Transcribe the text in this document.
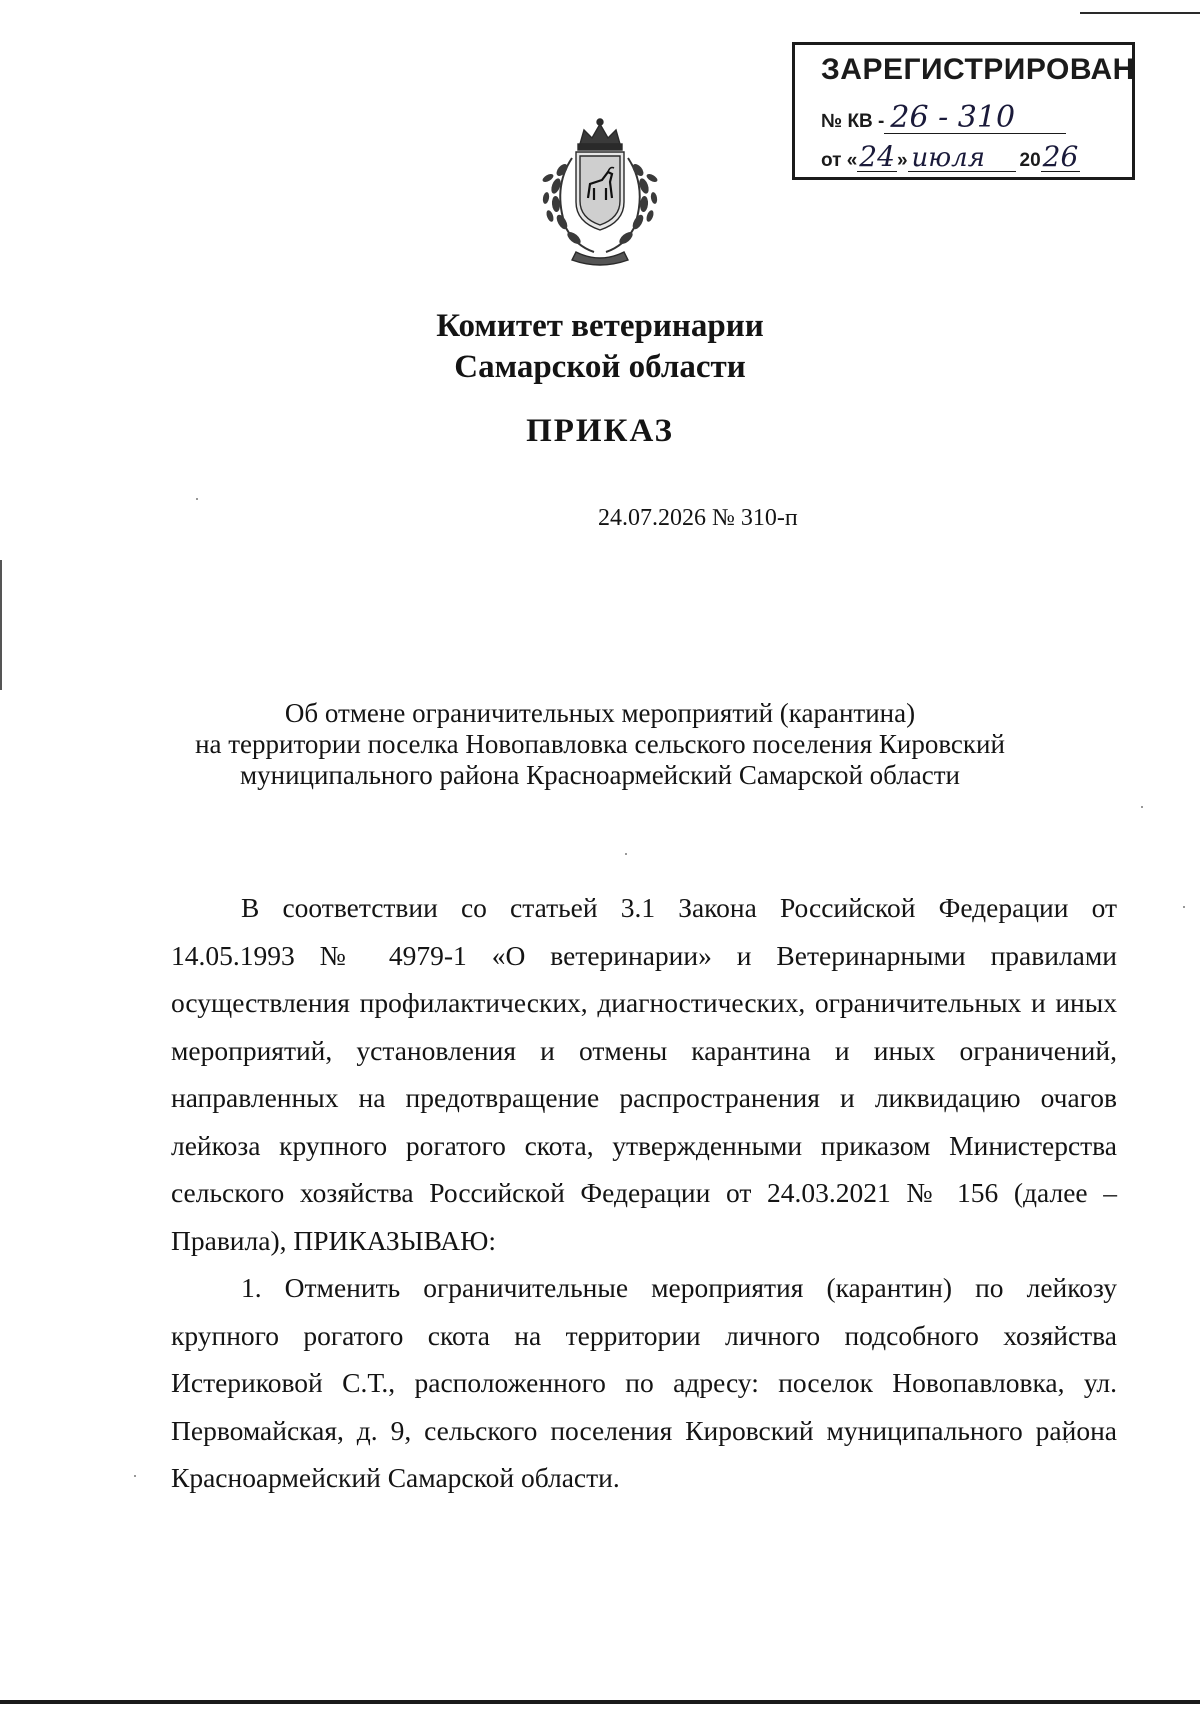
ЗАРЕГИСТРИРОВАН
№ КВ - 26 - 310
от « 24 » июля	20 26
Комитет ветеринарии
Самарской области
ПРИКАЗ
24.07.2026 № 310-п
Об отмене ограничительных мероприятий (карантина)
на территории поселка Новопавловка сельского поселения Кировский
муниципального района Красноармейский Самарской области

В соответствии со статьей 3.1 Закона Российской Федерации от 14.05.1993 № 4979-1 «О ветеринарии» и Ветеринарными правилами осуществления профилактических, диагностических, ограничительных и иных мероприятий, установления и отмены карантина и иных ограничений, направленных на предотвращение распространения и ликвидацию очагов лейкоза крупного рогатого скота, утвержденными приказом Министерства сельского хозяйства Российской Федерации от 24.03.2021 № 156 (далее – Правила), ПРИКАЗЫВАЮ:

1. Отменить ограничительные мероприятия (карантин) по лейкозу крупного рогатого скота на территории личного подсобного хозяйства Истериковой С.Т., расположенного по адресу: поселок Новопавловка, ул. Первомайская, д. 9, сельского поселения Кировский муниципального района Красноармейский Самарской области.
